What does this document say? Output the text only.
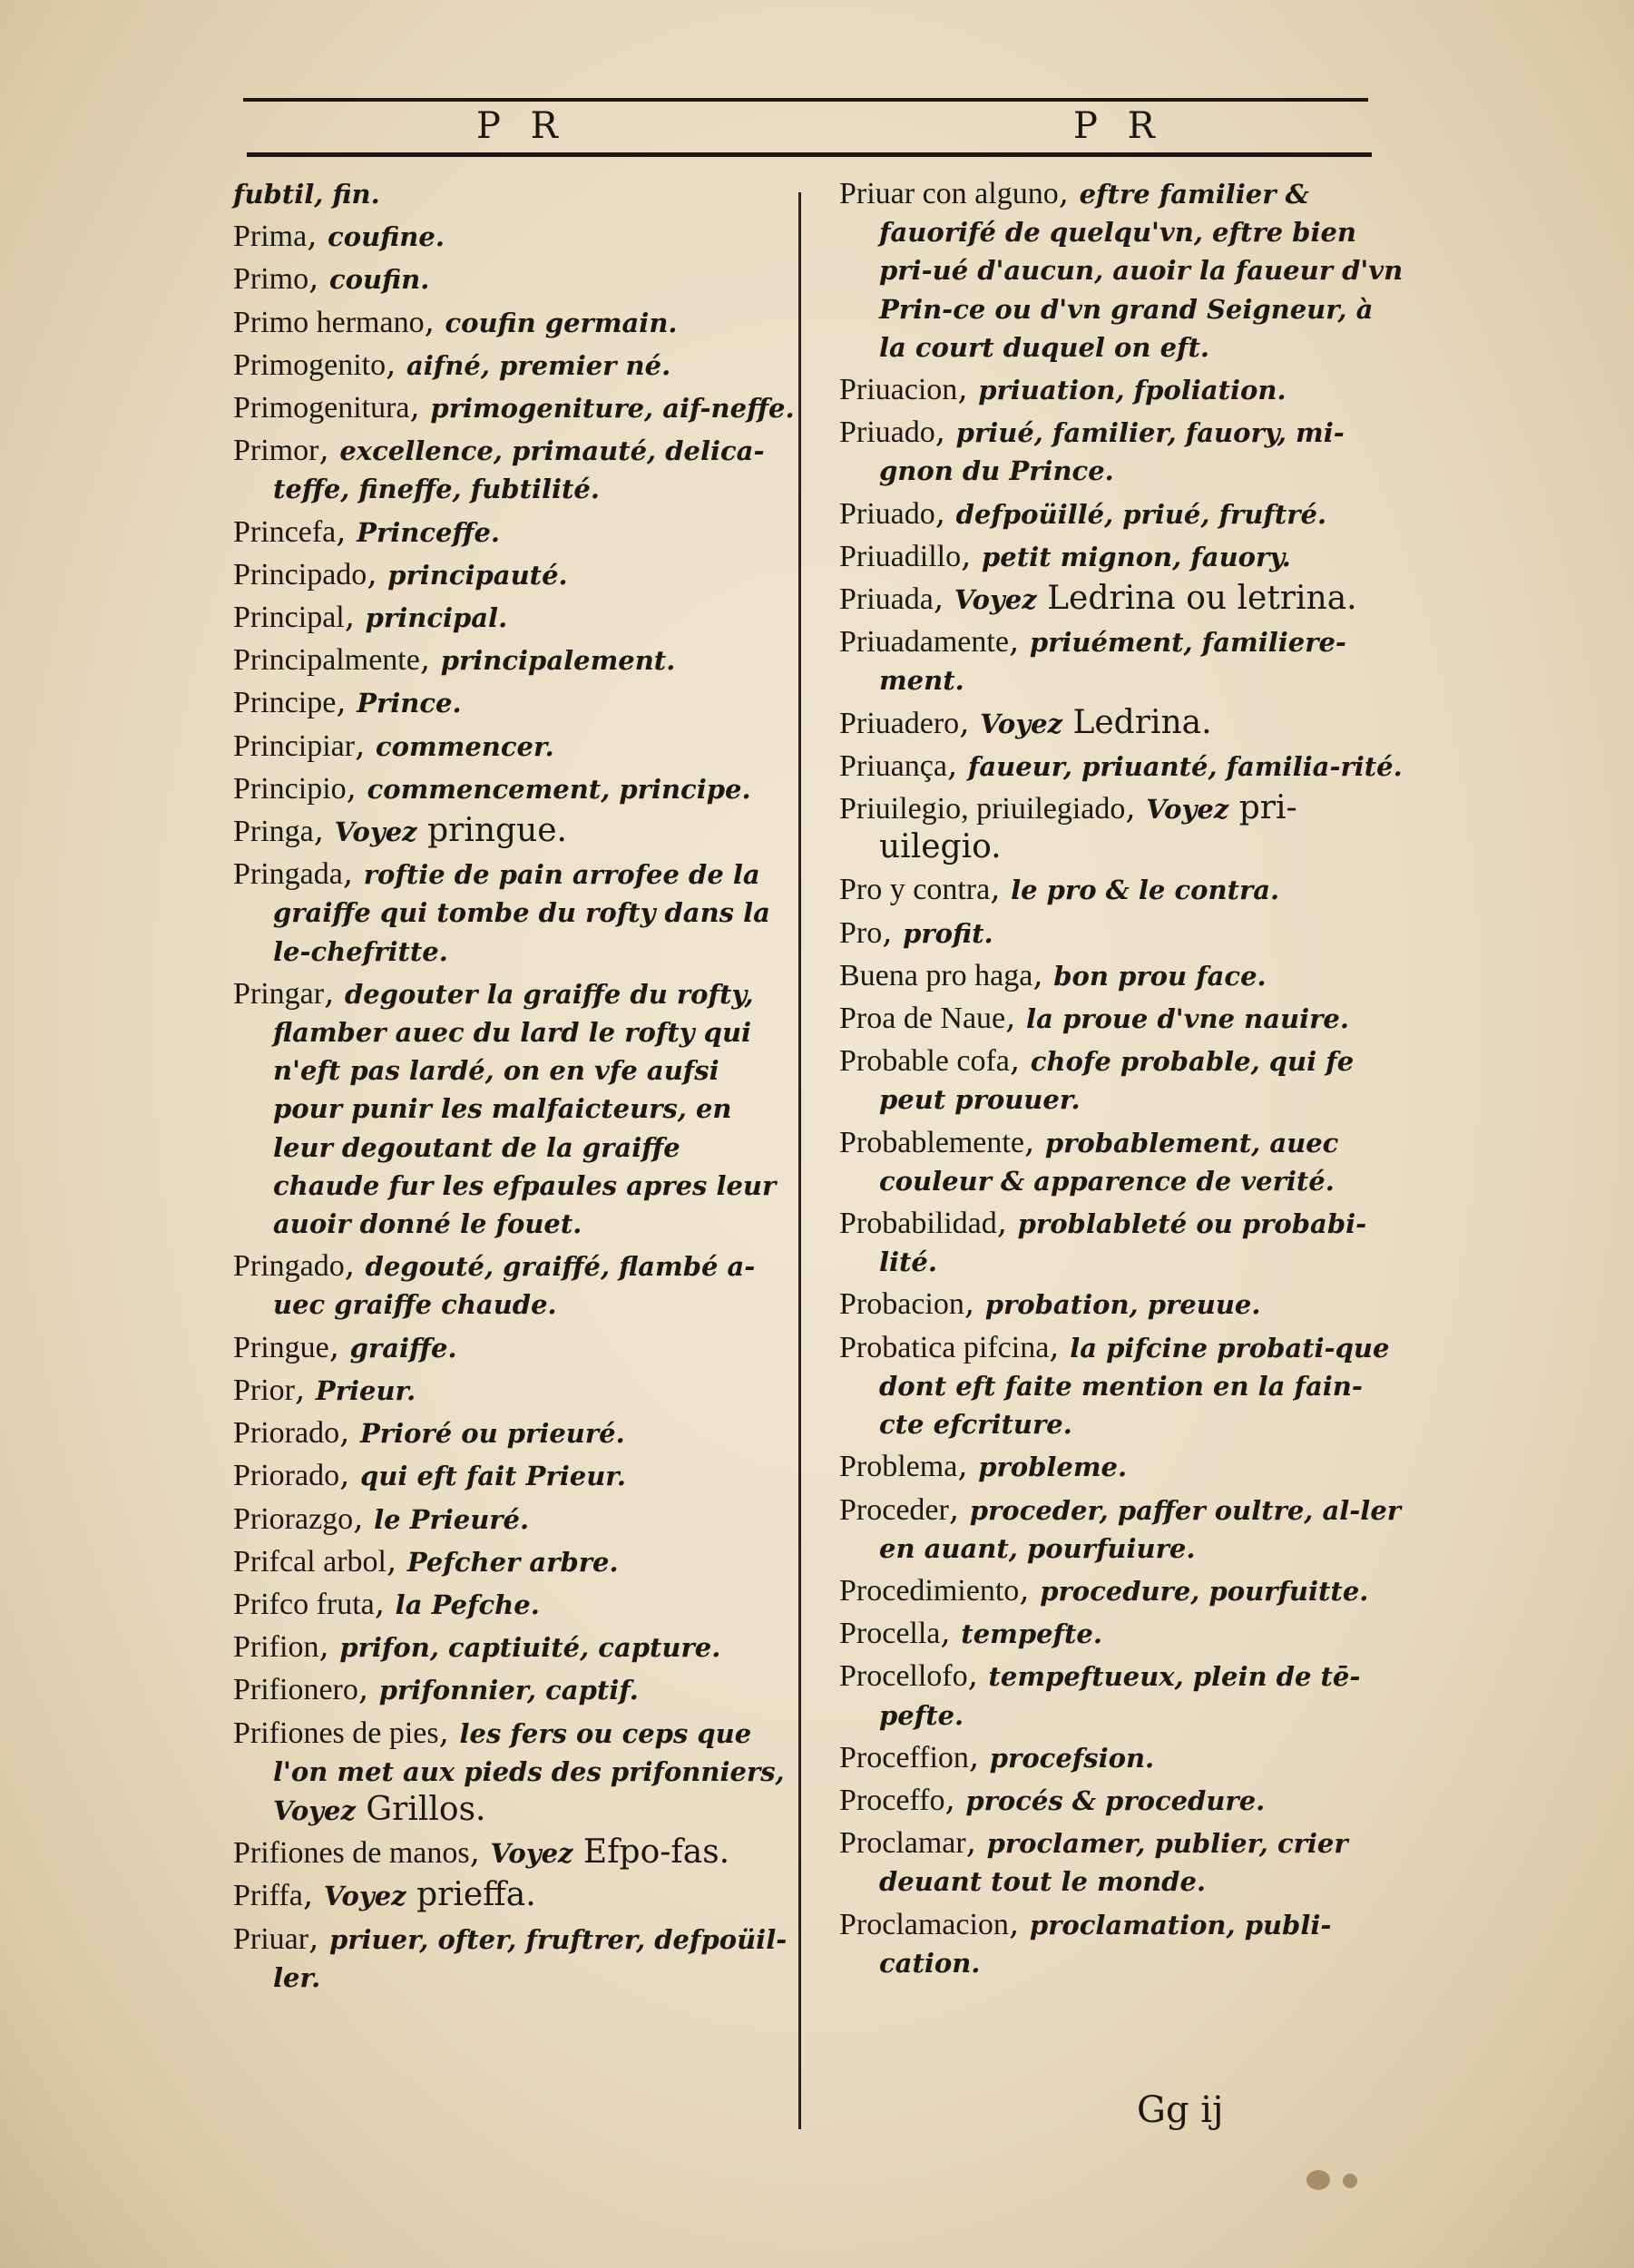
P R	P R
fubtil, fin.
Prima, coufine.
Primo, coufin.
Primo hermano, coufin germain.
Primogenito, aifné, premier né.
Primogenitura, primogeniture, aif-neffe.
Primor, excellence, primauté, delica-teffe, fineffe, fubtilité.
Princefa, Princeffe.
Principado, principauté.
Principal, principal.
Principalmente, principalement.
Principe, Prince.
Principiar, commencer.
Principio, commencement, principe.
Pringa, Voyez pringue.
Pringada, roftie de pain arrofee de la graiffe qui tombe du rofty dans la le-chefritte.
Pringar, degouter la graiffe du rofty, flamber auec du lard le rofty qui n'eft pas lardé, on en vfe aufsi pour punir les malfaicteurs, en leur degoutant de la graiffe chaude fur les efpaules apres leur auoir donné le fouet.
Pringado, degouté, graiffé, flambé a-uec graiffe chaude.
Pringue, graiffe.
Prior, Prieur.
Priorado, Prioré ou prieuré.
Priorado, qui eft fait Prieur.
Priorazgo, le Prieuré.
Prifcal arbol, Pefcher arbre.
Prifco fruta, la Pefche.
Prifion, prifon, captiuité, capture.
Prifionero, prifonnier, captif.
Prifiones de pies, les fers ou ceps que l'on met aux pieds des prifonniers, Voyez Grillos.
Prifiones de manos, Voyez Efpo-fas.
Priffa, Voyez prieffa.
Priuar, priuer, ofter, fruftrer, defpoüil-ler.
Priuar con alguno, eftre familier & fauorifé de quelqu'vn, eftre bien pri-ué d'aucun, auoir la faueur d'vn Prin-ce ou d'vn grand Seigneur, à la court duquel on eft.
Priuacion, priuation, fpoliation.
Priuado, priué, familier, fauory, mi-gnon du Prince.
Priuado, defpoüillé, priué, fruftré.
Priuadillo, petit mignon, fauory.
Priuada, Voyez Ledrina ou letrina.
Priuadamente, priuément, familiere-ment.
Priuadero, Voyez Ledrina.
Priuança, faueur, priuanté, familia-rité.
Priuilegio, priuilegiado, Voyez pri-uilegio.
Pro y contra, le pro & le contra.
Pro, profit.
Buena pro haga, bon prou face.
Proa de Naue, la proue d'vne nauire.
Probable cofa, chofe probable, qui fe peut prouuer.
Probablemente, probablement, auec couleur & apparence de verité.
Probabilidad, problableté ou probabi-lité.
Probacion, probation, preuue.
Probatica pifcina, la pifcine probati-que dont eft faite mention en la fain-cte efcriture.
Problema, probleme.
Proceder, proceder, paffer oultre, al-ler en auant, pourfuiure.
Procedimiento, procedure, pourfuitte.
Procella, tempefte.
Procellofo, tempeftueux, plein de tē-pefte.
Proceffion, procefsion.
Proceffo, procés & procedure.
Proclamar, proclamer, publier, crier deuant tout le monde.
Proclamacion, proclamation, publi-cation.
Gg ij
